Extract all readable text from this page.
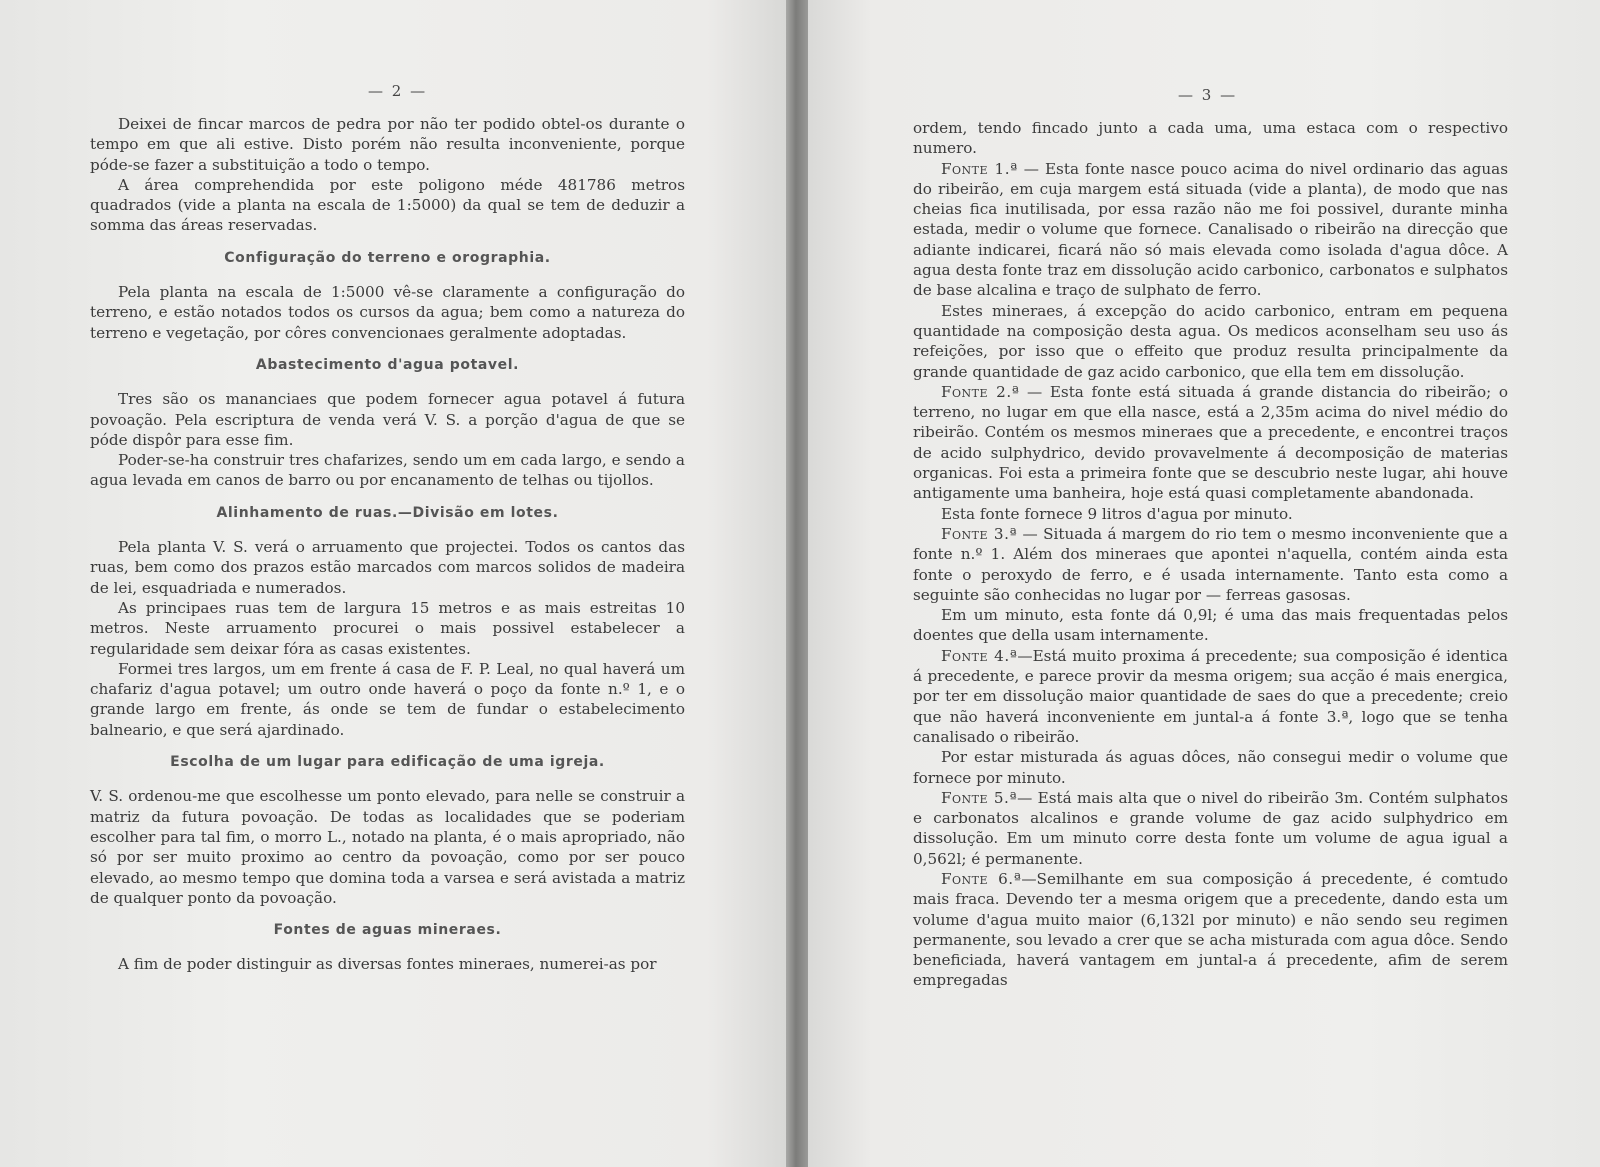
— 2 —

Deixei de fincar marcos de pedra por não ter podido obtel-os durante o tempo em que ali estive. Disto porém não resulta inconveniente, porque póde-se fazer a substituição a todo o tempo.

A área comprehendida por este poligono méde 481786 metros quadrados (vide a planta na escala de 1:5000) da qual se tem de deduzir a somma das áreas reservadas.

Configuração do terreno e orographia.

Pela planta na escala de 1:5000 vê-se claramente a configuração do terreno, e estão notados todos os cursos da agua; bem como a natureza do terreno e vegetação, por côres convencionaes geralmente adoptadas.

Abastecimento d'agua potavel.

Tres são os mananciaes que podem fornecer agua potavel á futura povoação. Pela escriptura de venda verá V. S. a porção d'agua de que se póde dispôr para esse fim.

Poder-se-ha construir tres chafarizes, sendo um em cada largo, e sendo a agua levada em canos de barro ou por encanamento de telhas ou tijollos.

Alinhamento de ruas.—Divisão em lotes.

Pela planta V. S. verá o arruamento que projectei. Todos os cantos das ruas, bem como dos prazos estão marcados com marcos solidos de madeira de lei, esquadriada e numerados.

As principaes ruas tem de largura 15 metros e as mais estreitas 10 metros. Neste arruamento procurei o mais possivel estabelecer a regularidade sem deixar fóra as casas existentes.

Formei tres largos, um em frente á casa de F. P. Leal, no qual haverá um chafariz d'agua potavel; um outro onde haverá o poço da fonte n.º 1, e o grande largo em frente, ás onde se tem de fundar o estabelecimento balneario, e que será ajardinado.

Escolha de um lugar para edificação de uma igreja.

V. S. ordenou-me que escolhesse um ponto elevado, para nelle se construir a matriz da futura povoação. De todas as localidades que se poderiam escolher para tal fim, o morro L., notado na planta, é o mais apropriado, não só por ser muito proximo ao centro da povoação, como por ser pouco elevado, ao mesmo tempo que domina toda a varsea e será avistada a matriz de qualquer ponto da povoação.

Fontes de aguas mineraes.

A fim de poder distinguir as diversas fontes mineraes, numerei-as por

— 3 —

ordem, tendo fincado junto a cada uma, uma estaca com o respectivo numero.

Fonte 1.ª — Esta fonte nasce pouco acima do nivel ordinario das aguas do ribeirão, em cuja margem está situada (vide a planta), de modo que nas cheias fica inutilisada, por essa razão não me foi possivel, durante minha estada, medir o volume que fornece. Canalisado o ribeirão na direcção que adiante indicarei, ficará não só mais elevada como isolada d'agua dôce. A agua desta fonte traz em dissolução acido carbonico, carbonatos e sulphatos de base alcalina e traço de sulphato de ferro.

Estes mineraes, á excepção do acido carbonico, entram em pequena quantidade na composição desta agua. Os medicos aconselham seu uso ás refeições, por isso que o effeito que produz resulta principalmente da grande quantidade de gaz acido carbonico, que ella tem em dissolução.

Fonte 2.ª — Esta fonte está situada á grande distancia do ribeirão; o terreno, no lugar em que ella nasce, está a 2,35m acima do nivel médio do ribeirão. Contém os mesmos mineraes que a precedente, e encontrei traços de acido sulphydrico, devido provavelmente á decomposição de materias organicas. Foi esta a primeira fonte que se descubrio neste lugar, ahi houve antigamente uma banheira, hoje está quasi completamente abandonada.

Esta fonte fornece 9 litros d'agua por minuto.

Fonte 3.ª — Situada á margem do rio tem o mesmo inconveniente que a fonte n.º 1. Além dos mineraes que apontei n'aquella, contém ainda esta fonte o peroxydo de ferro, e é usada internamente. Tanto esta como a seguinte são conhecidas no lugar por — ferreas gasosas.

Em um minuto, esta fonte dá 0,9l; é uma das mais frequentadas pelos doentes que della usam internamente.

Fonte 4.ª—Está muito proxima á precedente; sua composição é identica á precedente, e parece provir da mesma origem; sua acção é mais energica, por ter em dissolução maior quantidade de saes do que a precedente; creio que não haverá inconveniente em juntal-a á fonte 3.ª, logo que se tenha canalisado o ribeirão.

Por estar misturada ás aguas dôces, não consegui medir o volume que fornece por minuto.

Fonte 5.ª— Está mais alta que o nivel do ribeirão 3m. Contém sulphatos e carbonatos alcalinos e grande volume de gaz acido sulphydrico em dissolução. Em um minuto corre desta fonte um volume de agua igual a 0,562l; é permanente.

Fonte 6.ª—Semilhante em sua composição á precedente, é comtudo mais fraca. Devendo ter a mesma origem que a precedente, dando esta um volume d'agua muito maior (6,132l por minuto) e não sendo seu regimen permanente, sou levado a crer que se acha misturada com agua dôce. Sendo beneficiada, haverá vantagem em juntal-a á precedente, afim de serem empregadas
